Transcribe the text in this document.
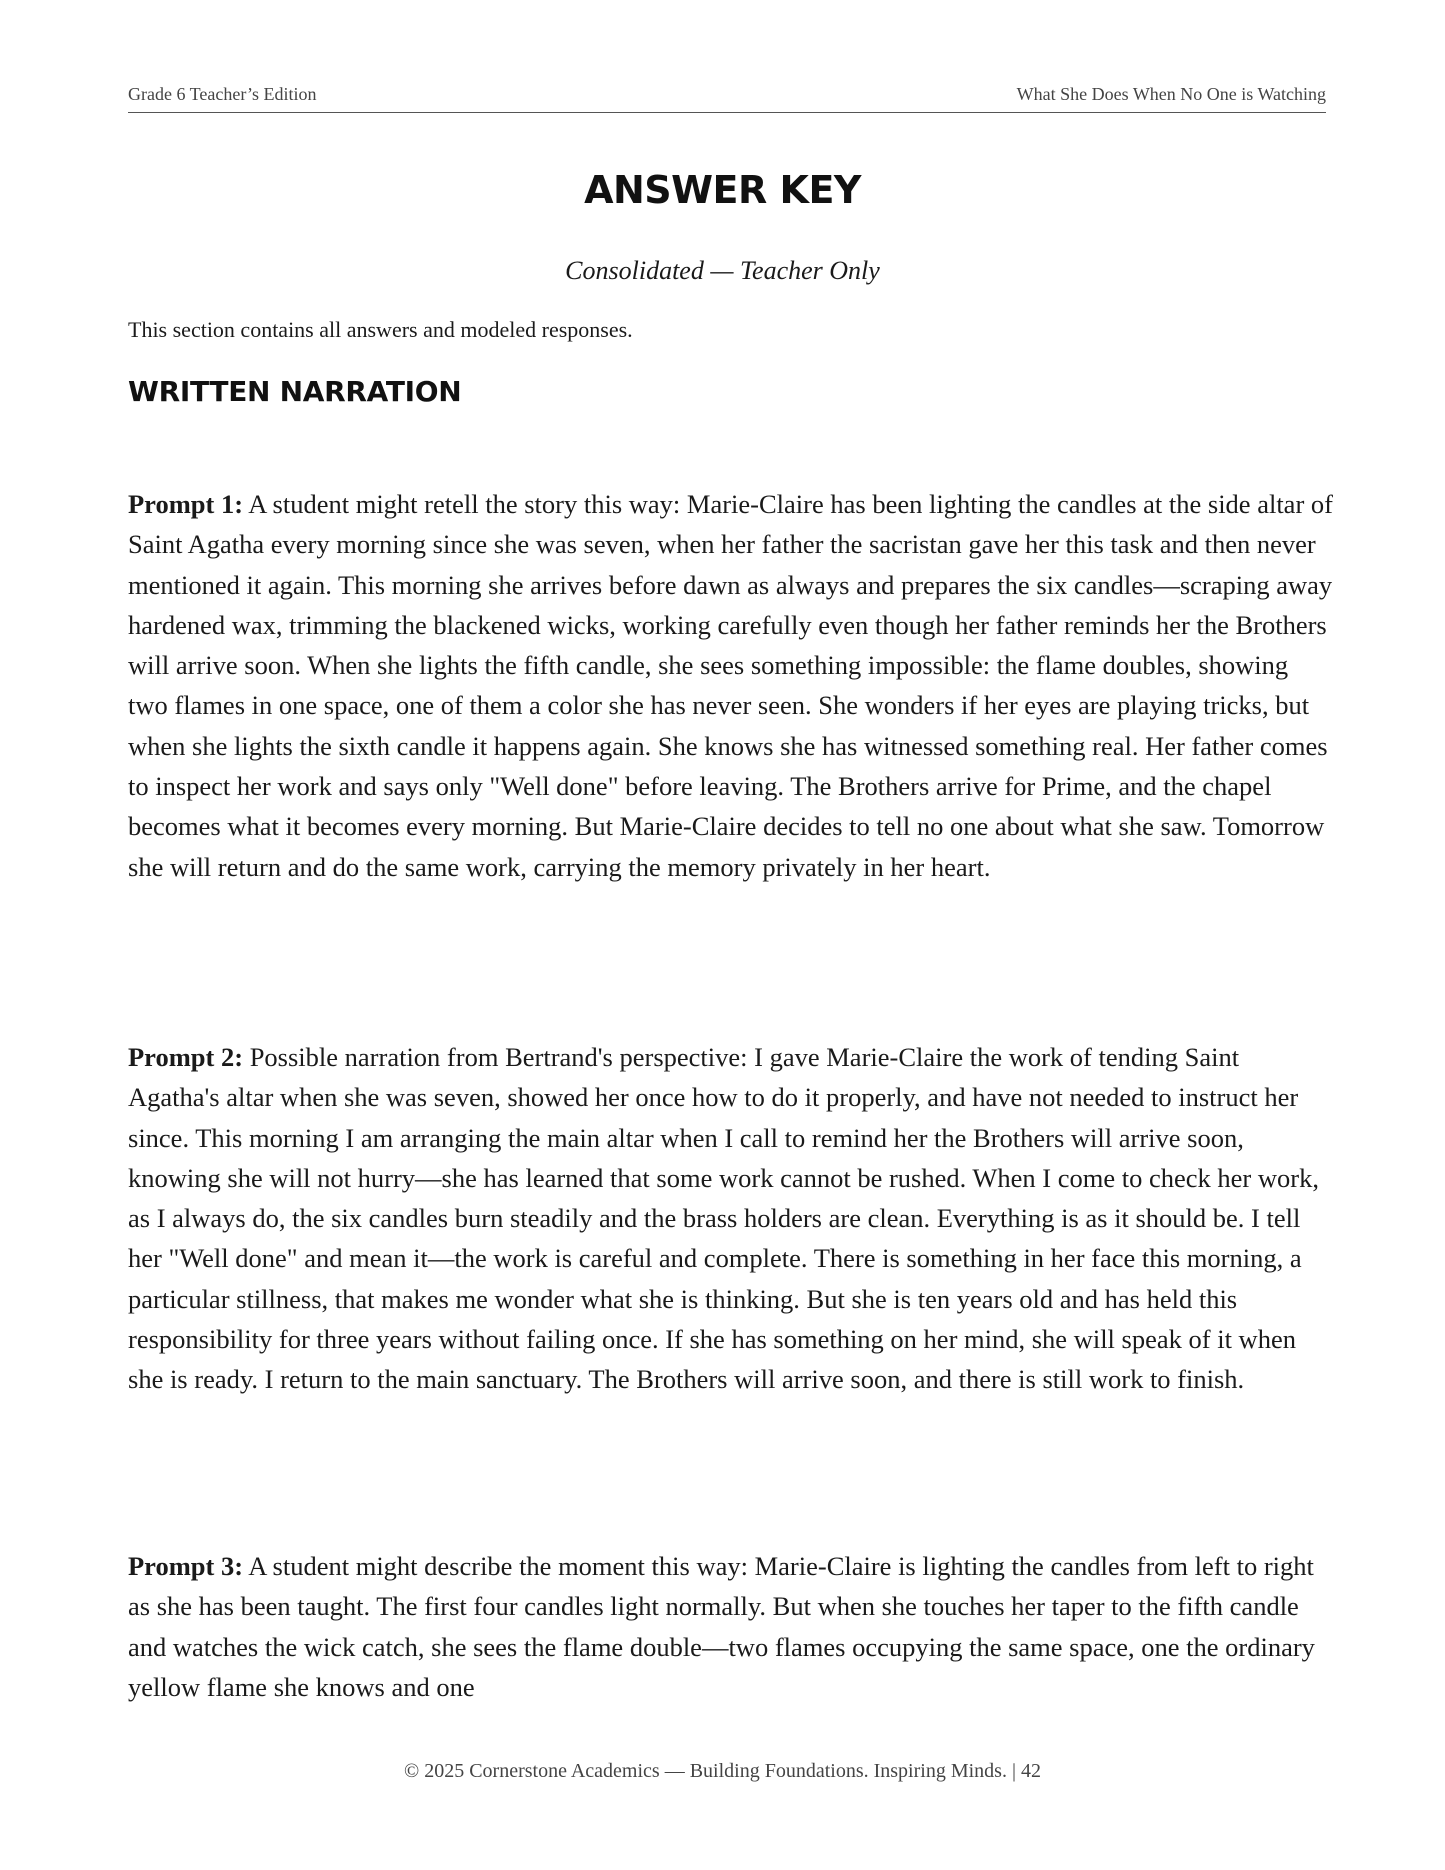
Grade 6 Teacher’s Edition	What She Does When No One is Watching
ANSWER KEY
Consolidated — Teacher Only
This section contains all answers and modeled responses.
WRITTEN NARRATION

Prompt 1: A student might retell the story this way: Marie-Claire has been lighting the candles at the side altar of Saint Agatha every morning since she was seven, when her father the sacristan gave her this task and then never mentioned it again. This morning she arrives before dawn as always and prepares the six candles—scraping away hardened wax, trimming the blackened wicks, working carefully even though her father reminds her the Brothers will arrive soon. When she lights the fifth candle, she sees something impossible: the flame doubles, showing two flames in one space, one of them a color she has never seen. She wonders if her eyes are playing tricks, but when she lights the sixth candle it happens again. She knows she has witnessed something real. Her father comes to inspect her work and says only "Well done" before leaving. The Brothers arrive for Prime, and the chapel becomes what it becomes every morning. But Marie-Claire decides to tell no one about what she saw. Tomorrow she will return and do the same work, carrying the memory privately in her heart.

Prompt 2: Possible narration from Bertrand's perspective: I gave Marie-Claire the work of tending Saint Agatha's altar when she was seven, showed her once how to do it properly, and have not needed to instruct her since. This morning I am arranging the main altar when I call to remind her the Brothers will arrive soon, knowing she will not hurry—she has learned that some work cannot be rushed. When I come to check her work, as I always do, the six candles burn steadily and the brass holders are clean. Everything is as it should be. I tell her "Well done" and mean it—the work is careful and complete. There is something in her face this morning, a particular stillness, that makes me wonder what she is thinking. But she is ten years old and has held this responsibility for three years without failing once. If she has something on her mind, she will speak of it when she is ready. I return to the main sanctuary. The Brothers will arrive soon, and there is still work to finish.

Prompt 3: A student might describe the moment this way: Marie-Claire is lighting the candles from left to right as she has been taught. The first four candles light normally. But when she touches her taper to the fifth candle and watches the wick catch, she sees the flame double—two flames occupying the same space, one the ordinary yellow flame she knows and one

© 2025 Cornerstone Academics — Building Foundations. Inspiring Minds. | 42
